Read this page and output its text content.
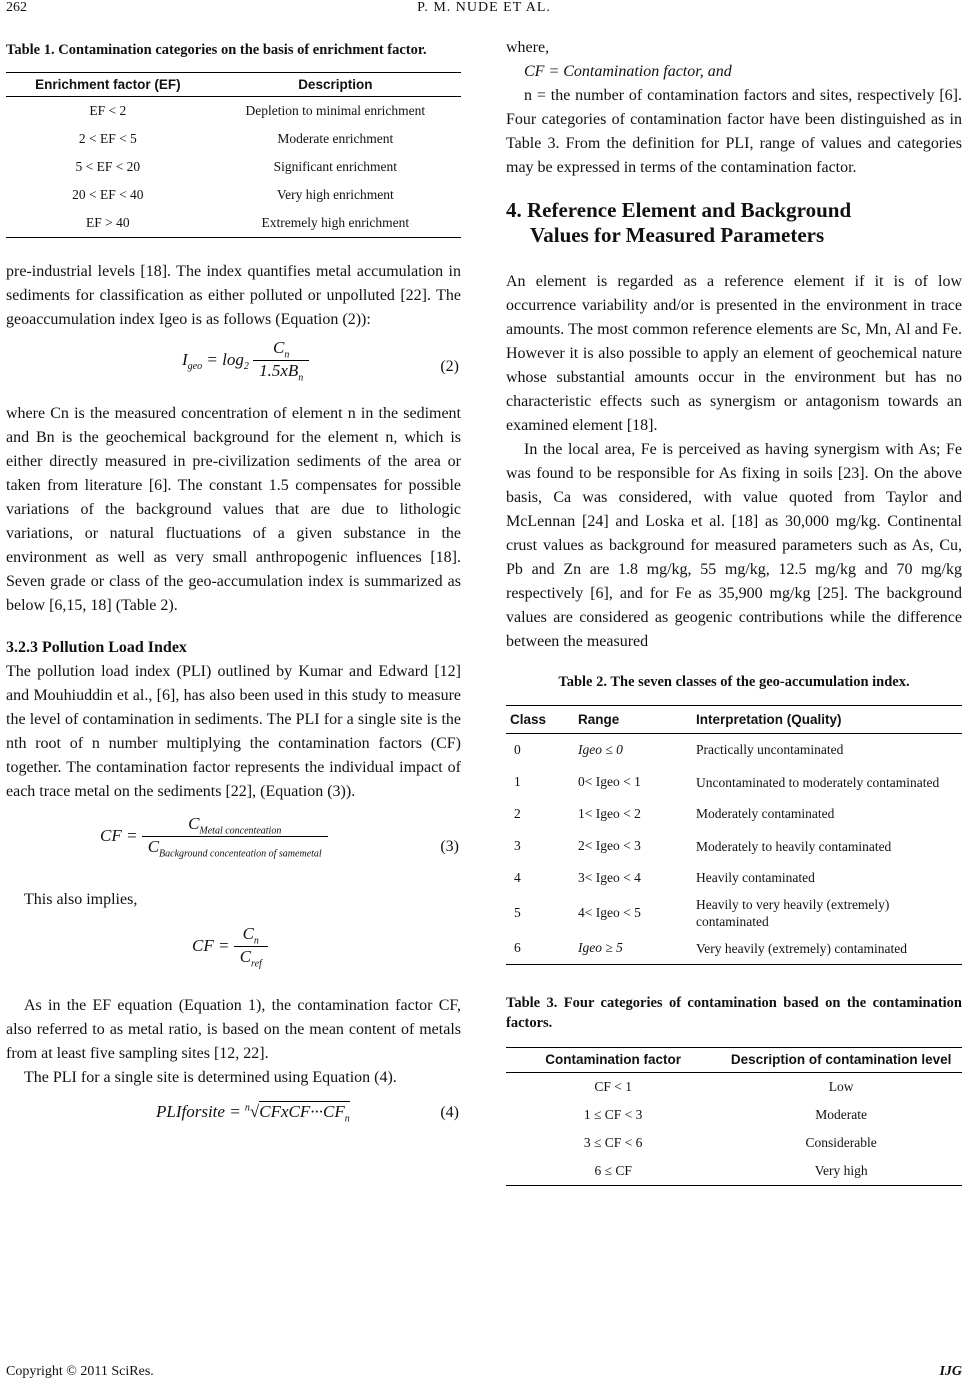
262	P. M. NUDE ET AL.
Table 1. Contamination categories on the basis of enrichment factor.
Enrichment factor (EF)	Description
EF < 2	Depletion to minimal enrichment
2 < EF < 5	Moderate enrichment
5 < EF < 20	Significant enrichment
20 < EF < 40	Very high enrichment
EF > 40	Extremely high enrichment

pre-industrial levels [18]. The index quantifies metal accumulation in sediments for classification as either polluted or unpolluted [22]. The geoaccumulation index Igeo is as follows (Equation (2)):

$I_{geo} = \log_2 \frac{C_n}{1.5xB_n}$	(2)

where Cn is the measured concentration of element n in the sediment and Bn is the geochemical background for the element n, which is either directly measured in pre-civilization sediments of the area or taken from literature [6]. The constant 1.5 compensates for possible variations of the background values that are due to lithologic variations, or natural fluctuations of a given substance in the environment as well as very small anthropogenic influences [18]. Seven grade or class of the geo-accumulation index is summarized as below [6,15, 18] (Table 2).

3.2.3 Pollution Load Index

The pollution load index (PLI) outlined by Kumar and Edward [12] and Mouhiuddin et al., [6], has also been used in this study to measure the level of contamination in sediments. The PLI for a single site is the nth root of n number multiplying the contamination factors (CF) together. The contamination factor represents the individual impact of each trace metal on the sediments [22], (Equation (3)).

CF = $\frac{C_{Metal concenteation}}{C_{Background concenteation of samemetal}}$	(3)

This also implies,

CF = $\frac{C_n}{C_{ref}}$

As in the EF equation (Equation 1), the contamination factor CF, also referred to as metal ratio, is based on the mean content of metals from at least five sampling sites [12, 22].

The PLI for a single site is determined using Equation (4).

PLIforsite = $^n√CFxCF\cdot\cdot\cdot CF_n$	(4)

where,

CF = Contamination factor, and

n = the number of contamination factors and sites, respectively [6]. Four categories of contamination factor have been distinguished as in Table 3. From the definition for PLI, range of values and categories may be expressed in terms of the contamination factor.

4. Reference Element and Background

Values for Measured Parameters

An element is regarded as a reference element if it is of low occurrence variability and/or is presented in the environment in trace amounts. The most common reference elements are Sc, Mn, Al and Fe. However it is also possible to apply an element of geochemical nature whose substantial amounts occur in the environment but has no characteristic effects such as synergism or antagonism towards an examined element [18].

In the local area, Fe is perceived as having synergism with As; Fe was found to be responsible for As fixing in soils [23]. On the above basis, Ca was considered, with value quoted from Taylor and McLennan [24] and Loska et al. [18] as 30,000 mg/kg. Continental crust values as background for measured parameters such as As, Cu, Pb and Zn are 1.8 mg/kg, 55 mg/kg, 12.5 mg/kg and 70 mg/kg respectively [6], and for Fe as 35,900 mg/kg [25]. The background values are considered as geogenic contributions while the difference between the measured

Table 2. The seven classes of the geo-accumulation index.
Class	Range	Interpretation (Quality)
0	Igeo ≤ 0	Practically uncontaminated
1	0< Igeo < 1	Uncontaminated to moderately contaminated
2	1< Igeo < 2	Moderately contaminated
3	2< Igeo < 3	Moderately to heavily contaminated
4	3< Igeo < 4	Heavily contaminated
5	4< Igeo < 5	Heavily to very heavily (extremely) contaminated
6	Igeo ≥ 5	Very heavily (extremely) contaminated
Table 3. Four categories of contamination based on the contamination factors.
Contamination factor	Description of contamination level
CF < 1	Low
1 ≤ CF < 3	Moderate
3 ≤ CF < 6	Considerable
6 ≤ CF	Very high
Copyright © 2011 SciRes.	IJG
